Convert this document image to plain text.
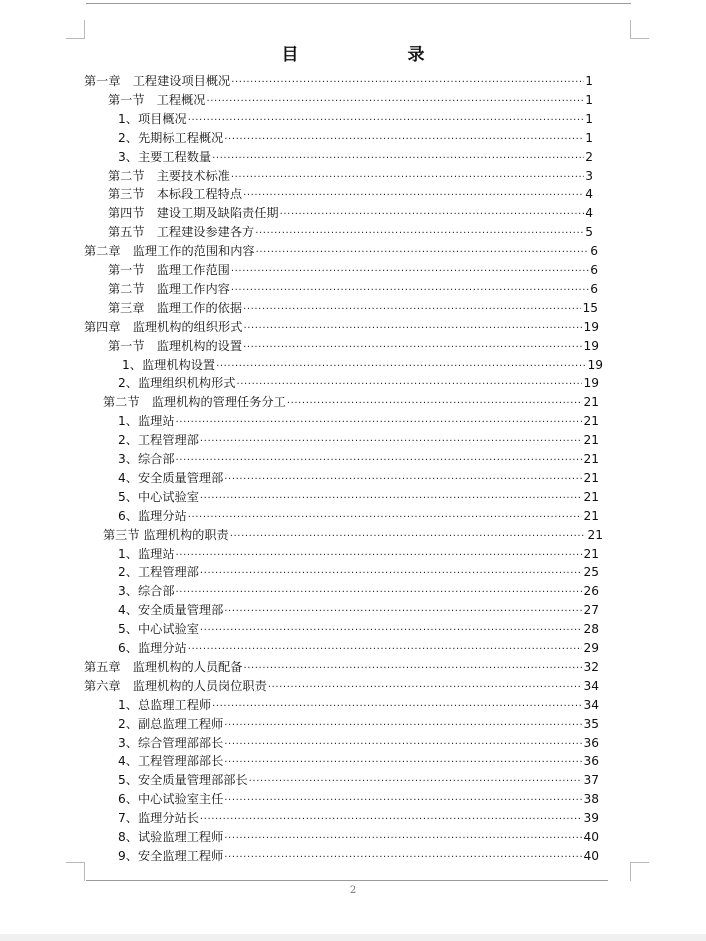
目　录
第一章　工程建设项目概况 ·····	1
第一节　工程概况 ·····	1
1、项目概况 ·····	1
2、先期标工程概况 ·····	1
3、主要工程数量 ·····	2
第二节　主要技术标准 ·····	3
第三节　本标段工程特点 ·····	4
第四节　建设工期及缺陷责任期 ·····	4
第五节　工程建设参建各方 ·····	5
第二章　监理工作的范围和内容 ·····	6
第一节　监理工作范围 ·····	6
第二节　监理工作内容 ·····	6
第三章　监理工作的依据 ·····	15
第四章　监理机构的组织形式 ·····	19
第一节　监理机构的设置 ·····	19
1、监理机构设置 ·····	19
2、监理组织机构形式 ·····	19
第二节　监理机构的管理任务分工 ·····	21
1、监理站 ·····	21
2、工程管理部 ·····	21
3、综合部 ·····	21
4、安全质量管理部 ·····	21
5、中心试验室 ·····	21
6、监理分站 ·····	21
第三节 监理机构的职责 ·····	21
1、监理站 ·····	21
2、工程管理部 ·····	25
3、综合部 ·····	26
4、安全质量管理部 ·····	27
5、中心试验室 ·····	28
6、监理分站 ·····	29
第五章　监理机构的人员配备 ·····	32
第六章　监理机构的人员岗位职责 ·····	34
1、总监理工程师 ·····	34
2、副总监理工程师 ·····	35
3、综合管理部部长 ·····	36
4、工程管理部部长 ·····	36
5、安全质量管理部部长 ·····	37
6、中心试验室主任 ·····	38
7、监理分站长 ·····	39
8、试验监理工程师 ·····	40
9、安全监理工程师 ·····	40
2
